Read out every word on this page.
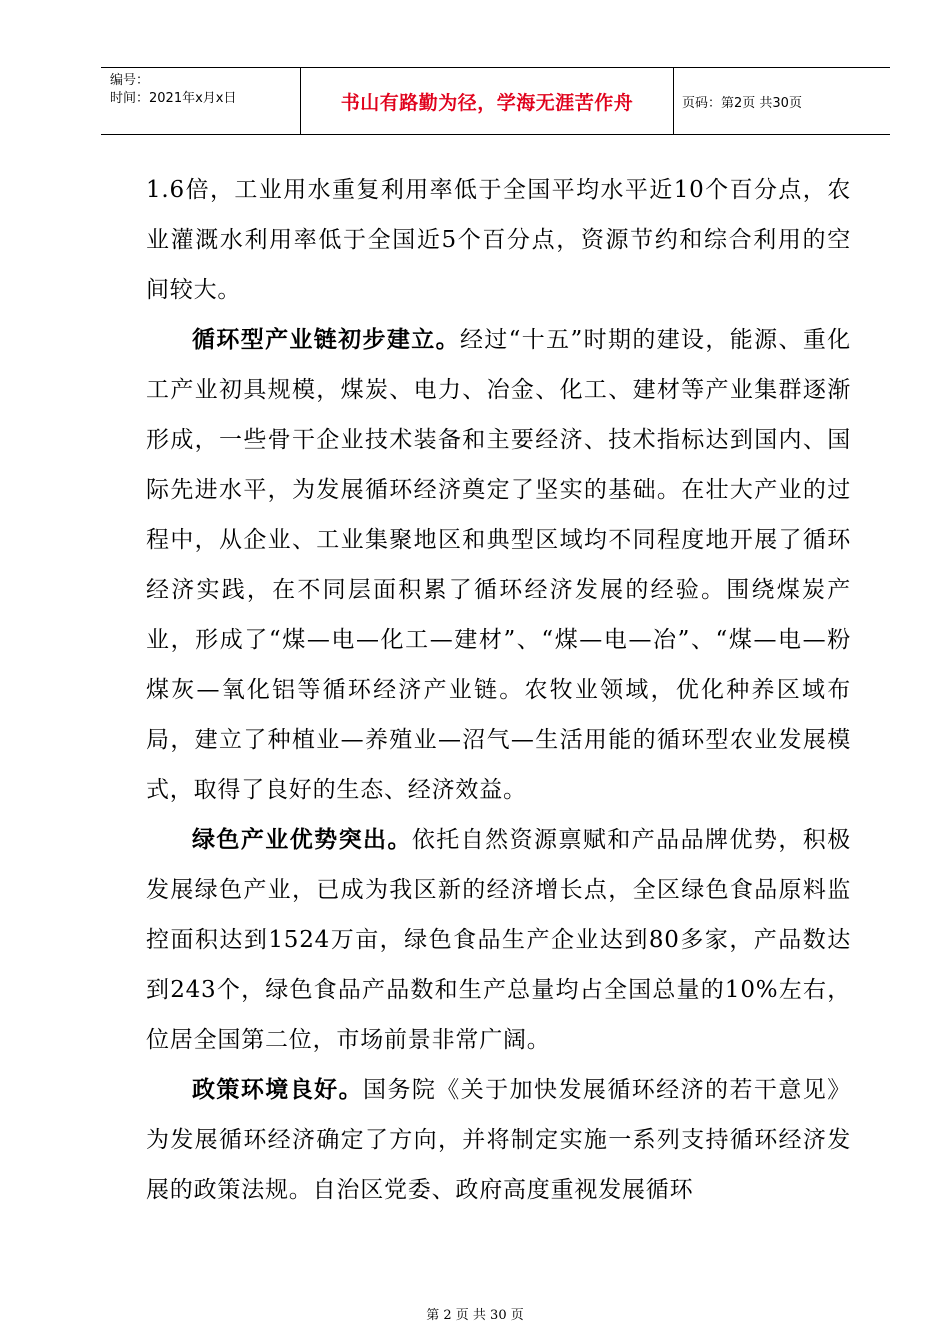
编号：
时间：2021年x月x日	书山有路勤为径，学海无涯苦作舟	页码：第2页 共30页

1.6倍，工业用水重复利用率低于全国平均水平近10个百分点，农业灌溉水利用率低于全国近5个百分点，资源节约和综合利用的空间较大。

循环型产业链初步建立。经过“十五”时期的建设，能源、重化工产业初具规模，煤炭、电力、冶金、化工、建材等产业集群逐渐形成，一些骨干企业技术装备和主要经济、技术指标达到国内、国际先进水平，为发展循环经济奠定了坚实的基础。在壮大产业的过程中，从企业、工业集聚地区和典型区域均不同程度地开展了循环经济实践，在不同层面积累了循环经济发展的经验。围绕煤炭产业，形成了“煤—电—化工—建材”、“煤—电—冶”、“煤—电—粉煤灰—氧化铝等循环经济产业链。农牧业领域，优化种养区域布局，建立了种植业—养殖业—沼气—生活用能的循环型农业发展模式，取得了良好的生态、经济效益。

绿色产业优势突出。依托自然资源禀赋和产品品牌优势，积极发展绿色产业，已成为我区新的经济增长点，全区绿色食品原料监控面积达到1524万亩，绿色食品生产企业达到80多家，产品数达到243个，绿色食品产品数和生产总量均占全国总量的10%左右，位居全国第二位，市场前景非常广阔。

政策环境良好。国务院《关于加快发展循环经济的若干意见》为发展循环经济确定了方向，并将制定实施一系列支持循环经济发展的政策法规。自治区党委、政府高度重视发展循环

第 2 页 共 30 页
